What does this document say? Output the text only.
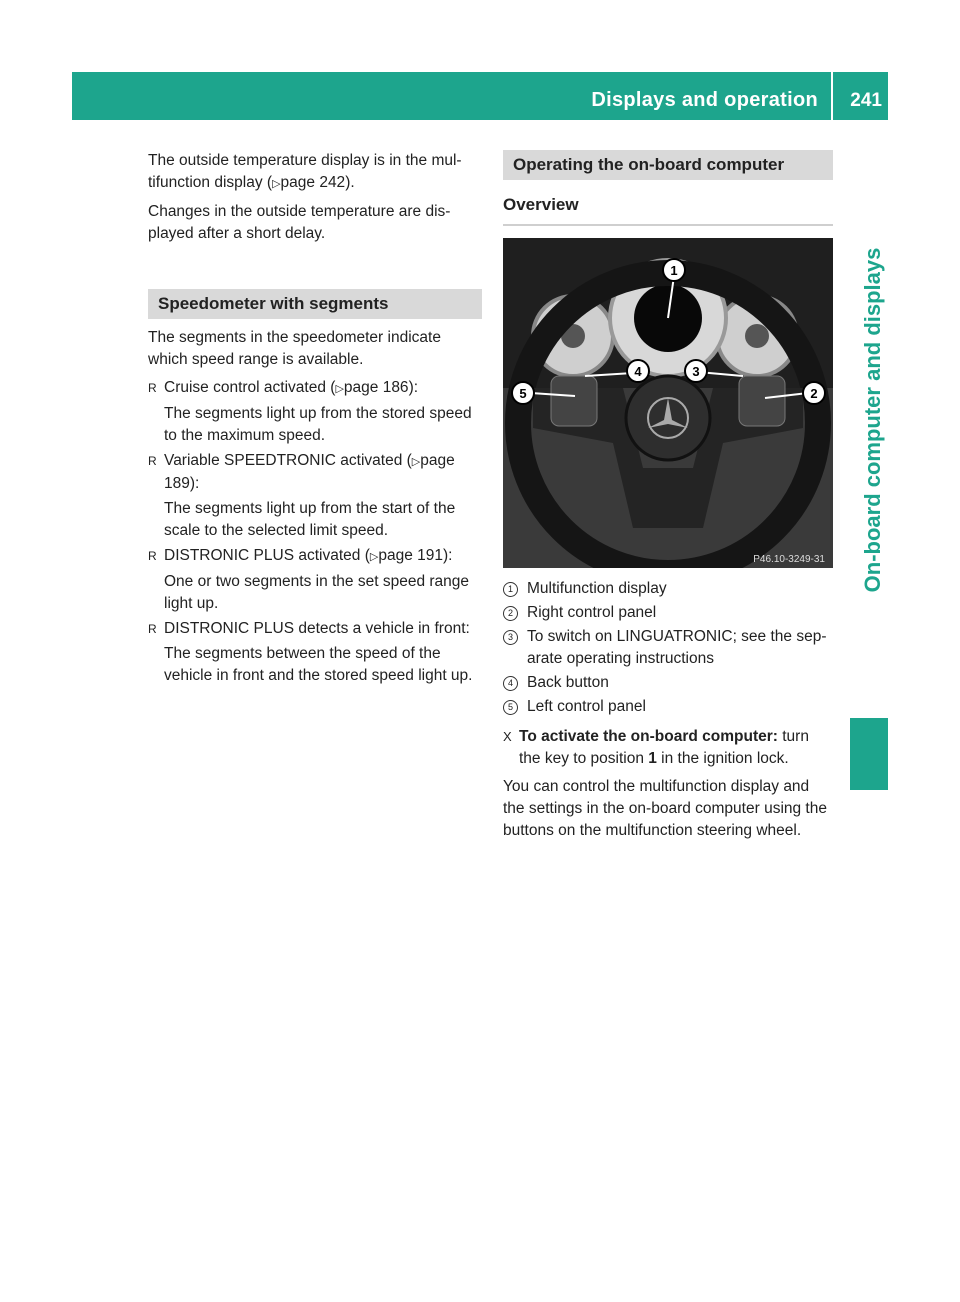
Displays and operation 241
On-board computer and displays

The outside temperature display is in the mul- tifunction display (▷page 242).

Changes in the outside temperature are dis- played after a short delay.

Speedometer with segments

The segments in the speedometer indicate which speed range is available.

R Cruise control activated (▷page 186):

The segments light up from the stored speed to the maximum speed.

R Variable SPEEDTRONIC activated (▷page 189):

The segments light up from the start of the scale to the selected limit speed.

R DISTRONIC PLUS activated (▷page 191):

One or two segments in the set speed range light up.

R DISTRONIC PLUS detects a vehicle in front:

The segments between the speed of the vehicle in front and the stored speed light up.

Operating the on-board computer
Overview
1
2
3
4
5
P46.10-3249-31
1 Multifunction display
2 Right control panel
3 To switch on LINGUATRONIC; see the sep- arate operating instructions
4 Back button
5 Left control panel
X To activate the on-board computer: turn the key to position 1 in the ignition lock.

You can control the multifunction display and the settings in the on-board computer using the buttons on the multifunction steering wheel.
